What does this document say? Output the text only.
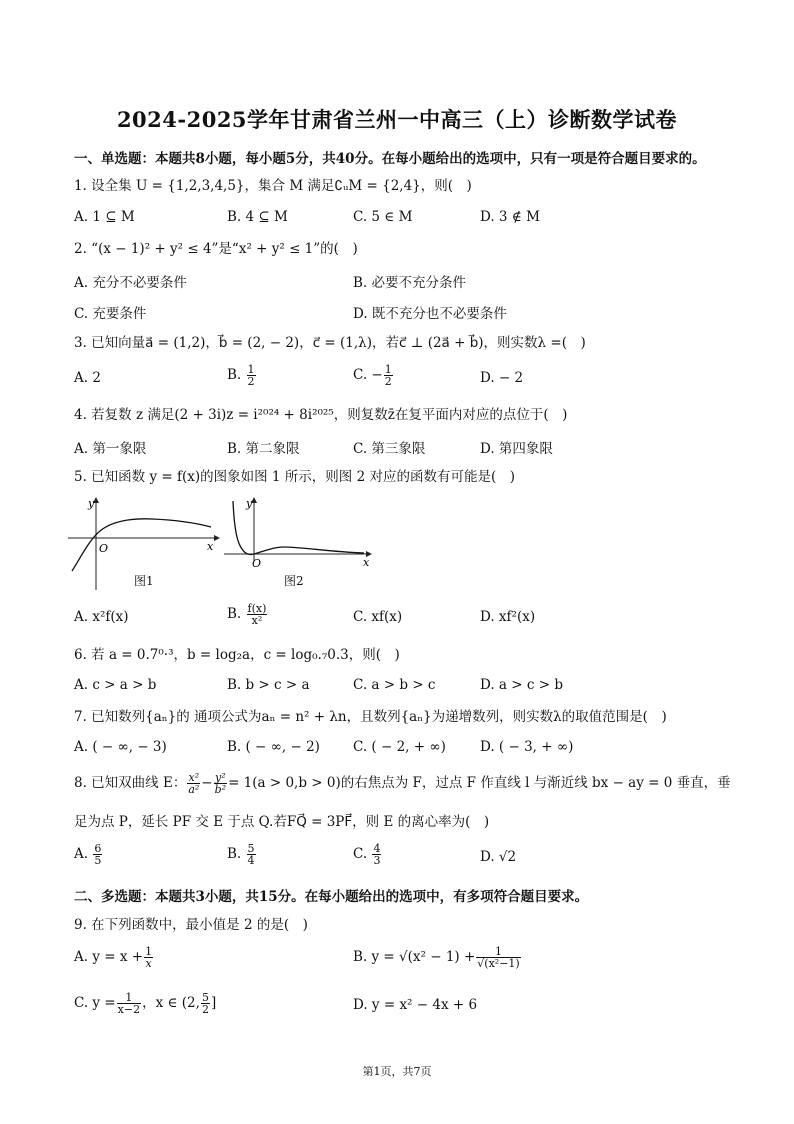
2024-2025学年甘肃省兰州一中高三（上）诊断数学试卷
一、单选题：本题共8小题，每小题5分，共40分。在每小题给出的选项中，只有一项是符合题目要求的。
1. 设全集 U = {1,2,3,4,5}，集合 M 满足∁ᵤM = {2,4}，则(　)
A. 1 ⊆ M	B. 4 ⊆ M	C. 5 ∈ M	D. 3 ∉ M
2. “(x − 1)² + y² ≤ 4”是“x² + y² ≤ 1”的(　)
A. 充分不必要条件	B. 必要不充分条件
C. 充要条件	D. 既不充分也不必要条件
3. 已知向量a⃗ = (1,2)，b⃗ = (2, − 2)，c⃗ = (1,λ)，若c⃗ ⊥ (2a⃗ + b⃗)，则实数λ =(　)
A. 2	B. $\frac{1}{2}$	C. − $\frac{1}{2}$	D. − 2
4. 若复数 z 满足(2 + 3i)z = i²⁰²⁴ + 8i²⁰²⁵，则复数z̄在复平面内对应的点位于(　)
A. 第一象限	B. 第二象限	C. 第三象限	D. 第四象限
5. 已知函数 y = f(x)的图象如图 1 所示，则图 2 对应的函数有可能是(　)
y
O	x
图1
y
O	x
图2
A. x²f(x)	B. $\frac{f(x)}{\text{x²}}$	C. xf(x)	D. xf²(x)
6. 若 a = 0.7⁰·³，b = log₂a，c = log₀.₇0.3，则(　)
A. c > a > b	B. b > c > a	C. a > b > c	D. a > c > b
7. 已知数列{aₙ}的 通项公式为aₙ = n² + λn，且数列{aₙ}为递增数列，则实数λ的取值范围是(　)
A. ( − ∞, − 3)	B. ( − ∞, − 2) C. ( − 2, + ∞)	D. ( − 3, + ∞)
8. 已知双曲线 E： $\frac{\text{x²}}{\text{a²}} - \frac{\text{y²}}{\text{b²}} = 1(a > 0,b > 0)$的右焦点为 F，过点 F 作直线 l 与渐近线 bx − ay = 0 垂直，垂
足为点 P，延长 PF 交 E 于点 Q.若FQ⃗ = 3PF⃗，则 E 的离心率为(　)
A. $\frac{6}{5}$	B. $\frac{5}{4}$	C. $\frac{4}{3}$	D. √2
二、多选题：本题共3小题，共15分。在每小题给出的选项中，有多项符合题目要求。
9. 在下列函数中，最小值是 2 的是(　)
A. $y = x + \frac{1}{x}$	B. $y = √(x^2 - 1) + \frac{1}{\text{√(x²−1)}}$
C. $y = \frac{1}{x-2}$ ，x ∈ (2, $\frac{5}{2}$ ]	D. y = x² − 4x + 6
第1页，共7页
